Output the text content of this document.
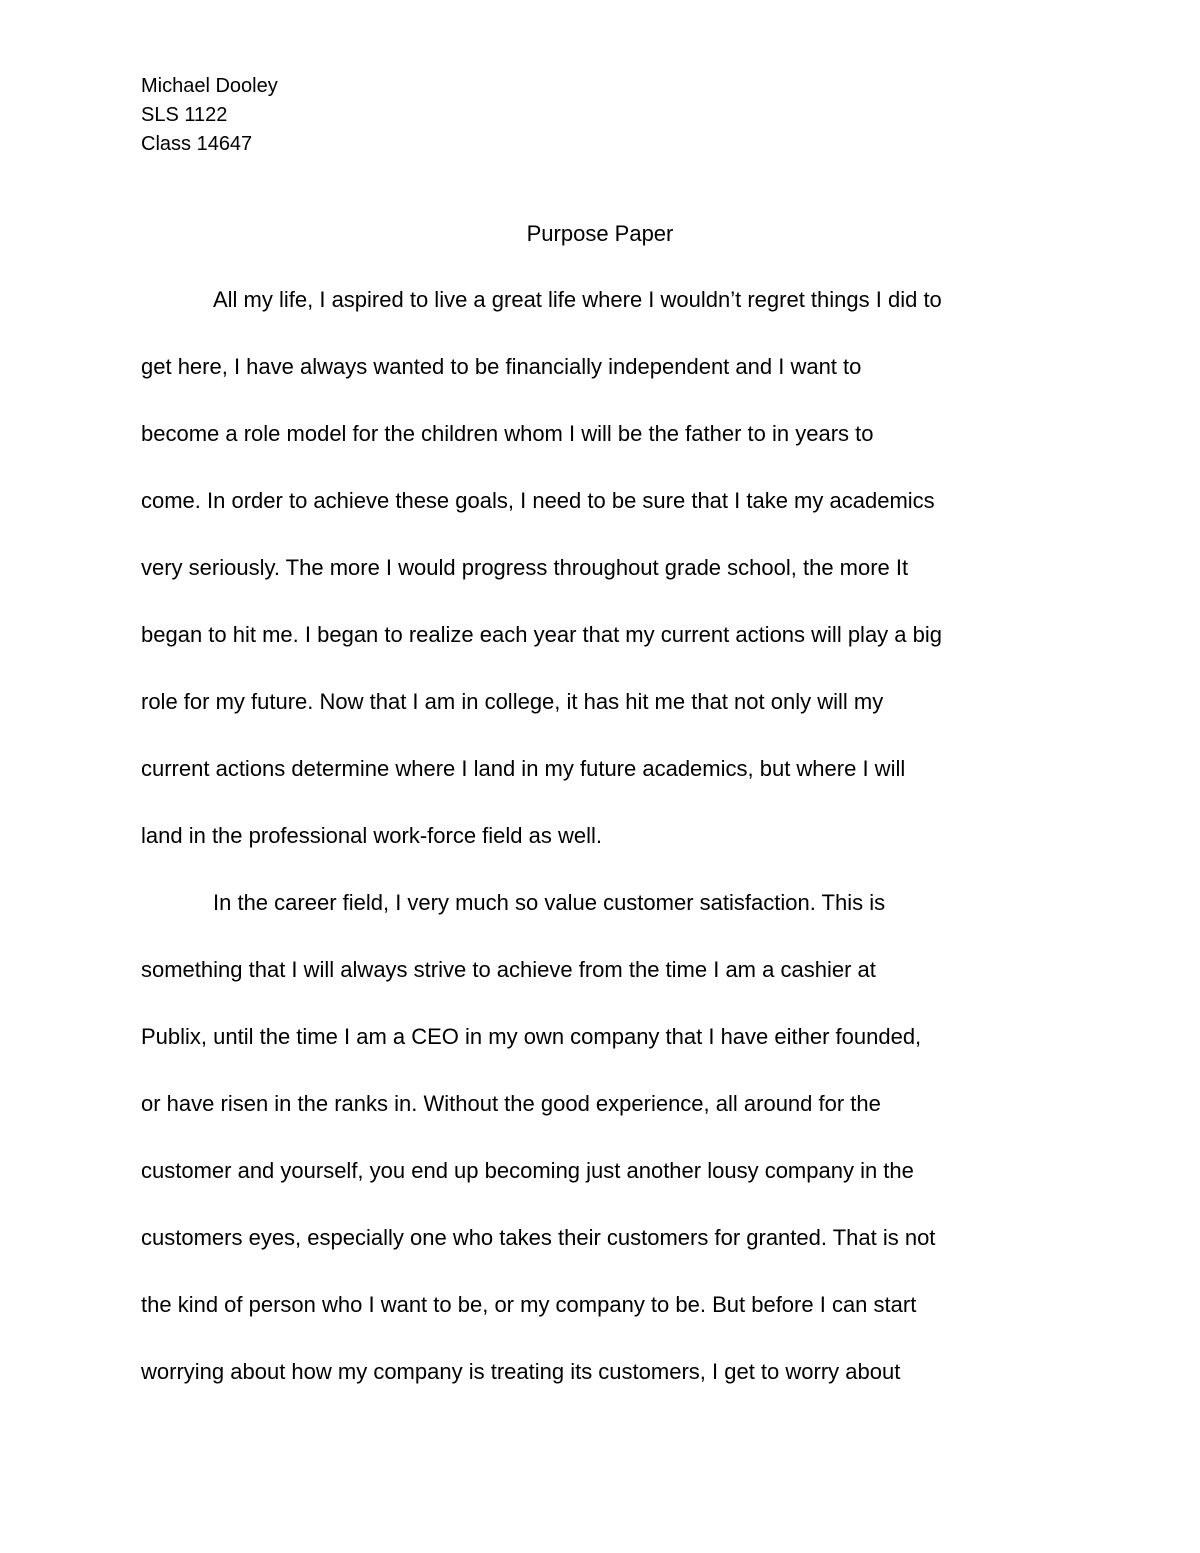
Michael Dooley
SLS 1122
Class 14647
Purpose Paper
All my life, I aspired to live a great life where I wouldn’t regret things I did to
get here, I have always wanted to be financially independent and I want to
become a role model for the children whom I will be the father to in years to
come. In order to achieve these goals, I need to be sure that I take my academics
very seriously. The more I would progress throughout grade school, the more It
began to hit me. I began to realize each year that my current actions will play a big
role for my future. Now that I am in college, it has hit me that not only will my
current actions determine where I land in my future academics, but where I will
land in the professional work-force field as well.
In the career field, I very much so value customer satisfaction. This is
something that I will always strive to achieve from the time I am a cashier at
Publix, until the time I am a CEO in my own company that I have either founded,
or have risen in the ranks in. Without the good experience, all around for the
customer and yourself, you end up becoming just another lousy company in the
customers eyes, especially one who takes their customers for granted. That is not
the kind of person who I want to be, or my company to be. But before I can start
worrying about how my company is treating its customers, I get to worry about
